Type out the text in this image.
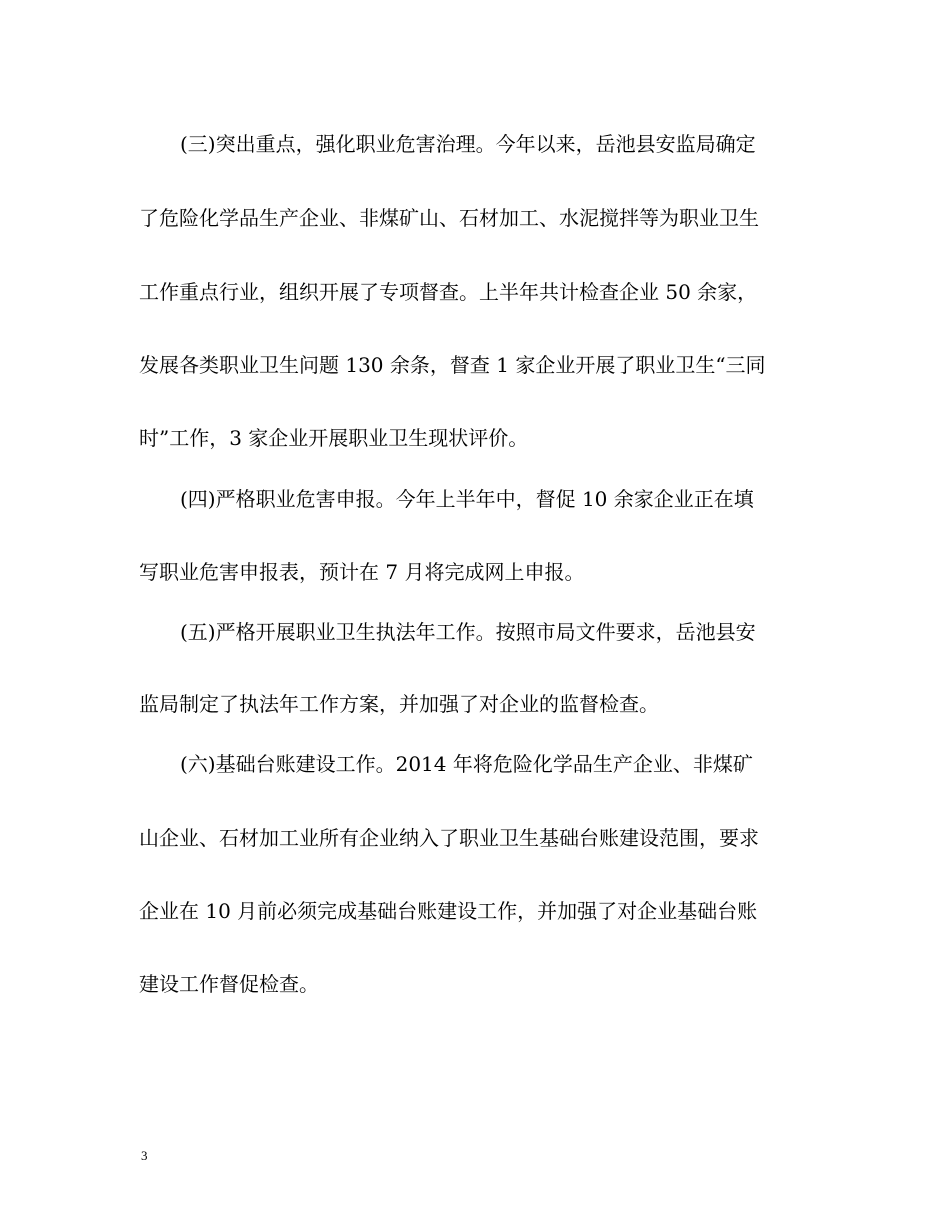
(三)突出重点，强化职业危害治理。今年以来，岳池县安监局确定
了危险化学品生产企业、非煤矿山、石材加工、水泥搅拌等为职业卫生
工作重点行业，组织开展了专项督查。上半年共计检查企业 50 余家，
发展各类职业卫生问题 130 余条，督查 1 家企业开展了职业卫生“三同
时”工作，3 家企业开展职业卫生现状评价。
(四)严格职业危害申报。今年上半年中，督促 10 余家企业正在填
写职业危害申报表，预计在 7 月将完成网上申报。
(五)严格开展职业卫生执法年工作。按照市局文件要求，岳池县安
监局制定了执法年工作方案，并加强了对企业的监督检查。
(六)基础台账建设工作。2014 年将危险化学品生产企业、非煤矿
山企业、石材加工业所有企业纳入了职业卫生基础台账建设范围，要求
企业在 10 月前必须完成基础台账建设工作，并加强了对企业基础台账
建设工作督促检查。
3
